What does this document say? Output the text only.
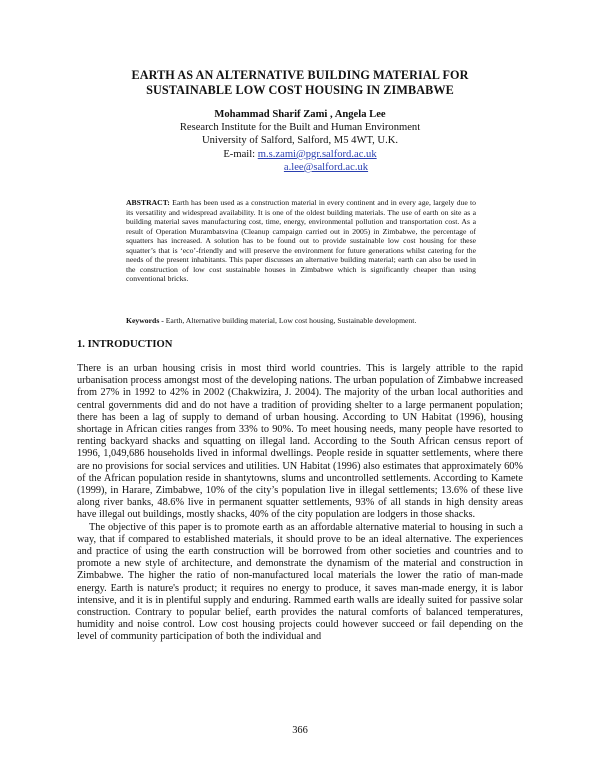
EARTH AS AN ALTERNATIVE BUILDING MATERIAL FOR
SUSTAINABLE LOW COST HOUSING IN ZIMBABWE
Mohammad Sharif Zami , Angela Lee
Research Institute for the Built and Human Environment
University of Salford, Salford, M5 4WT, U.K.
E-mail: m.s.zami@pgr.salford.ac.uk
a.lee@salford.ac.uk
ABSTRACT: Earth has been used as a construction material in every continent and in every age, largely due to its versatility and widespread availability. It is one of the oldest building materials. The use of earth on site as a building material saves manufacturing cost, time, energy, environmental pollution and transportation cost. As a result of Operation Murambatsvina (Cleanup campaign carried out in 2005) in Zimbabwe, the percentage of squatters has increased. A solution has to be found out to provide sustainable low cost housing for these squatter’s that is ‘eco’-friendly and will preserve the environment for future generations whilst catering for the needs of the present inhabitants. This paper discusses an alternative building material; earth can also be used in the construction of low cost sustainable houses in Zimbabwe which is significantly cheaper than using conventional bricks.
Keywords - Earth, Alternative building material, Low cost housing, Sustainable development.
1. INTRODUCTION

There is an urban housing crisis in most third world countries. This is largely attrible to the rapid urbanisation process amongst most of the developing nations. The urban population of Zimbabwe increased from 27% in 1992 to 42% in 2002 (Chakwizira, J. 2004). The majority of the urban local authorities and central governments did and do not have a tradition of providing shelter to a large permanent population; there has been a lag of supply to demand of urban housing. According to UN Habitat (1996), housing shortage in African cities ranges from 33% to 90%. To meet housing needs, many people have resorted to renting backyard shacks and squatting on illegal land. According to the South African census report of 1996, 1,049,686 households lived in informal dwellings. People reside in squatter settlements, where there are no provisions for social services and utilities. UN Habitat (1996) also estimates that approximately 60% of the African population reside in shantytowns, slums and uncontrolled settlements. According to Kamete (1999), in Harare, Zimbabwe, 10% of the city’s population live in illegal settlements; 13.6% of these live along river banks, 48.6% live in permanent squatter settlements, 93% of all stands in high density areas have illegal out buildings, mostly shacks, 40% of the city population are lodgers in those shacks.

The objective of this paper is to promote earth as an affordable alternative material to housing in such a way, that if compared to established materials, it should prove to be an ideal alternative. The experiences and practice of using the earth construction will be borrowed from other societies and countries and to promote a new style of architecture, and demonstrate the dynamism of the material and construction in Zimbabwe. The higher the ratio of non-manufactured local materials the lower the ratio of man-made energy. Earth is nature's product; it requires no energy to produce, it saves man-made energy, it is labor intensive, and it is in plentiful supply and enduring. Rammed earth walls are ideally suited for passive solar construction. Contrary to popular belief, earth provides the natural comforts of balanced temperatures, humidity and noise control. Low cost housing projects could however succeed or fail depending on the level of community participation of both the individual and

366
